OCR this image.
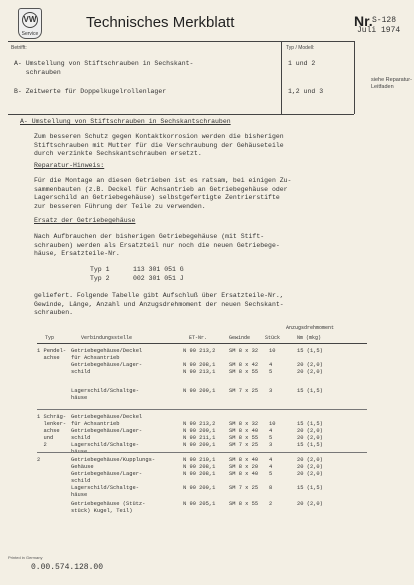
VW
Service
Technisches Merkblatt	Nr. S-128
Juli 1974
Betrifft:	Typ / Modell:
A- Umstellung von Stiftschrauben in Sechskant-
schrauben
1 und 2
B- Zeitwerte für Doppelkugelrollenlager	1,2 und 3
siehe Reparatur-Leitfaden
A- Umstellung von Stiftschrauben in Sechskantschrauben
Zum besseren Schutz gegen Kontaktkorrosion werden die bisherigen
Stiftschrauben mit Mutter für die Verschraubung der Gehäuseteile
durch verzinkte Sechskantschrauben ersetzt.
Reparatur-Hinweis:
Für die Montage an diesen Getrieben ist es ratsam, bei einigen Zu-
sammenbauten (z.B. Deckel für Achsantrieb an Getriebegehäuse oder
Lagerschild an Getriebegehäuse) selbstgefertigte Zentrierstifte
zur besseren Führung der Teile zu verwenden.
Ersatz der Getriebegehäuse
Nach Aufbrauchen der bisherigen Getriebegehäuse (mit Stift-
schrauben) werden als Ersatzteil nur noch die neuen Getriebege-
häuse, Ersatzteile-Nr.
Typ 1	113 301 051 G
Typ 2	002 301 051 J
geliefert. Folgende Tabelle gibt Aufschluß über Ersatzteile-Nr.,
Gewinde, Länge, Anzahl und Anzugsdrehmoment der neuen Sechskant-
schrauben.
Anzugsdrehmoment
Typ	Verbindungsstelle	ET-Nr.	Gewinde	Stück	Nm (mkg)
1 Pendel-
achse
Getriebegehäuse/Deckel	N 90 213,2	SM 8 x 32 10	15 (1,5)
für Achsantrieb
Getriebegehäuse/Lager-	N 90 208,1	SM 8 x 42 4	20 (2,0)
schild	N 90 213,1	SM 8 x 55 5	20 (2,0)
Lagerschild/Schaltge-	N 90 209,1	SM 7 x 25 3	15 (1,5)
häuse
1 Schräg-
lenker-
achse
und
2
Getriebegehäuse/Deckel
für Achsantrieb	N 90 213,2	SM 8 x 32 10	15 (1,5)
Getriebegehäuse/Lager-	N 90 209,1	SM 8 x 40 4	20 (2,0)
schild	N 90 211,1	SM 8 x 55 5	20 (2,0)
Lagerschild/Schaltge-	N 90 209,1	SM 7 x 25 3	15 (1,5)
2	Getriebegehäuse/Kupplungs-	N 90 210,1	SM 8 x 40 4	20 (2,0)
Gehäuse	N 90 208,1	SM 8 x 20 4	20 (2,0)
Getriebegehäuse/Lager-	N 90 208,1	SM 8 x 40 5	20 (2,0)
schild
Lagerschild/Schaltge-	N 90 209,1	SM 7 x 25 8	15 (1,5)
häuse
Getriebegehäuse (Stütz-	N 90 205,1	SM 8 x 55 2	20 (2,0)
stück) Kugel, Teil)
Printed in Germany
0.00.574.128.00
